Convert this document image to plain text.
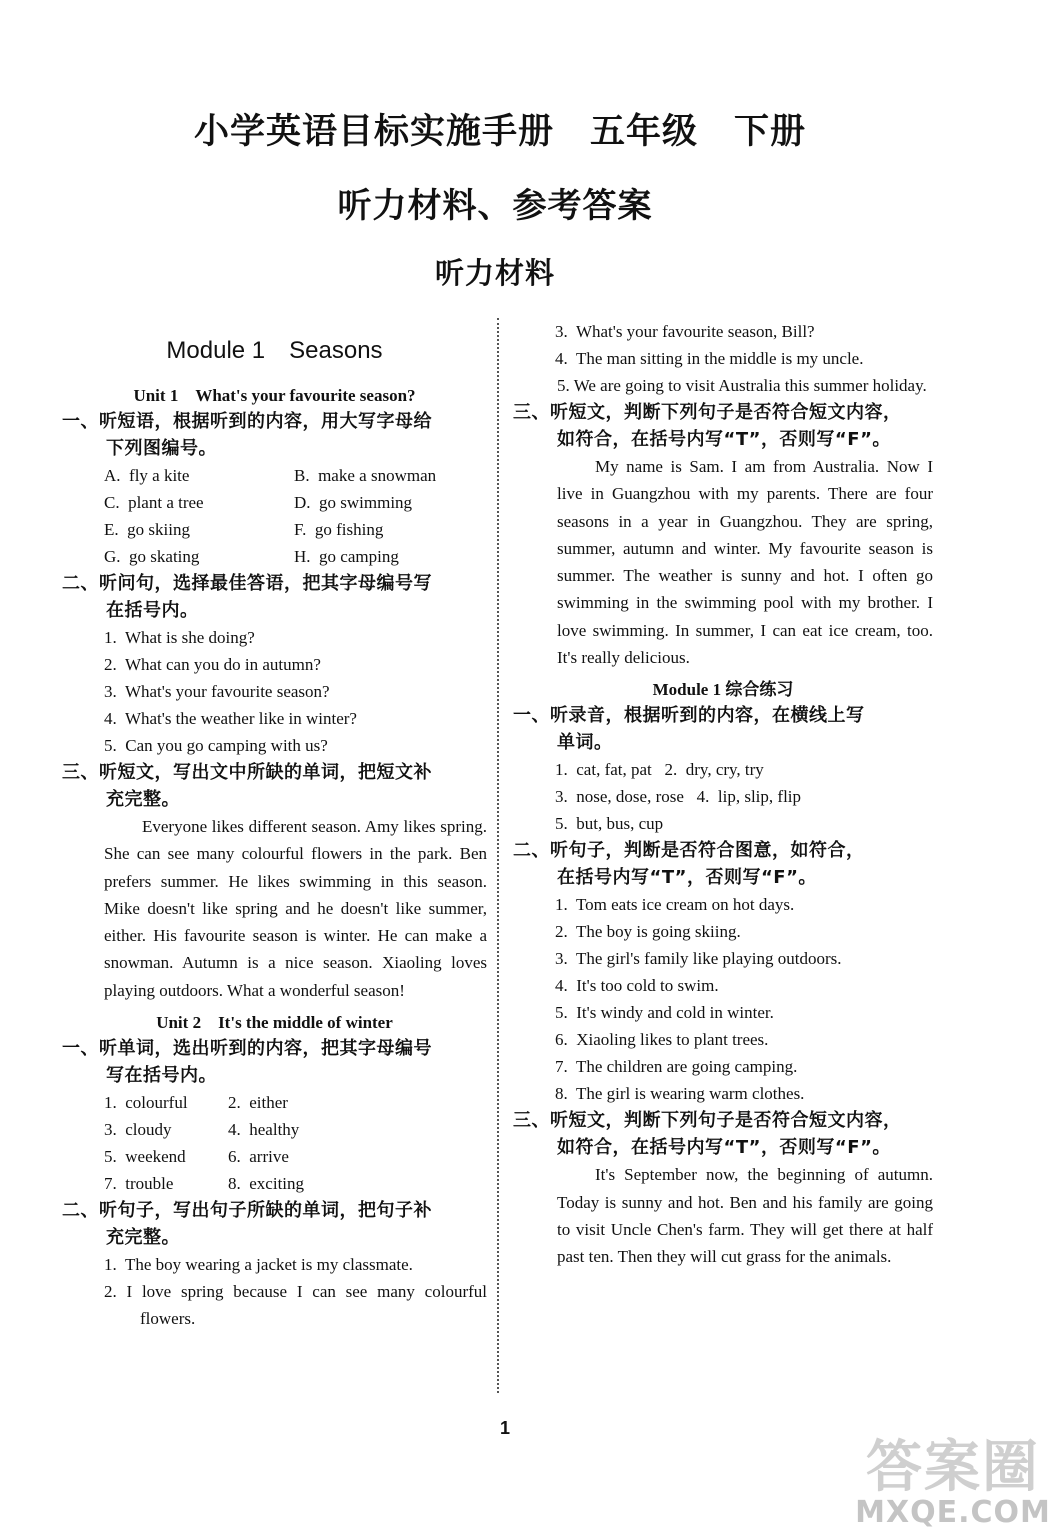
小学英语目标实施手册　五年级　下册
听力材料、参考答案
听力材料
Module 1　Seasons
Unit 1　What's your favourite season?
一、听短语，根据听到的内容，用大写字母给
下列图编号。
A.  fly a kite	B.  make a snowman
C.  plant a tree	D.  go swimming
E.  go skiing	F.  go fishing
G.  go skating	H.  go camping
二、听问句，选择最佳答语，把其字母编号写
在括号内。
1.  What is she doing?
2.  What can you do in autumn?
3.  What's your favourite season?
4.  What's the weather like in winter?
5.  Can you go camping with us?
三、听短文，写出文中所缺的单词，把短文补
充完整。
Everyone likes different season. Amy likes spring. She can see many colourful flowers in the park. Ben prefers summer. He likes swimming in this season. Mike doesn't like spring and he doesn't like summer, either. His favourite season is winter. He can make a snowman. Autumn is a nice season. Xiaoling loves playing outdoors. What a wonderful season!
Unit 2　It's the middle of winter
一、听单词，选出听到的内容，把其字母编号
写在括号内。
1.  colourful 2.  either
3.  cloudy	4.  healthy
5.  weekend 6.  arrive
7.  trouble	8.  exciting
二、听句子，写出句子所缺的单词，把句子补
充完整。
1.  The boy wearing a jacket is my classmate.
2. I love spring because I can see many colourful flowers.
3.  What's your favourite season, Bill?
4.  The man sitting in the middle is my uncle.
5. We are going to visit Australia this summer holiday.
三、听短文，判断下列句子是否符合短文内容，
如符合，在括号内写“T”，否则写“F”。
My name is Sam. I am from Australia. Now I live in Guangzhou with my parents. There are four seasons in a year in Guangzhou. They are spring, summer, autumn and winter. My favourite season is summer. The weather is sunny and hot. I often go swimming in the swimming pool with my brother. I love swimming. In summer, I can eat ice cream, too. It's really delicious.
Module 1 综合练习
一、听录音，根据听到的内容，在横线上写
单词。
1.  cat, fat, pat   2.  dry, cry, try
3.  nose, dose, rose   4.  lip, slip, flip
5.  but, bus, cup
二、听句子，判断是否符合图意，如符合，
在括号内写“T”，否则写“F”。
1.  Tom eats ice cream on hot days.
2.  The boy is going skiing.
3.  The girl's family like playing outdoors.
4.  It's too cold to swim.
5.  It's windy and cold in winter.
6.  Xiaoling likes to plant trees.
7.  The children are going camping.
8.  The girl is wearing warm clothes.
三、听短文，判断下列句子是否符合短文内容，
如符合，在括号内写“T”，否则写“F”。
It's September now, the beginning of autumn. Today is sunny and hot. Ben and his family are going to visit Uncle Chen's farm. They will get there at half past ten. Then they will cut grass for the animals.
1
答案圈
MXQE.COM
